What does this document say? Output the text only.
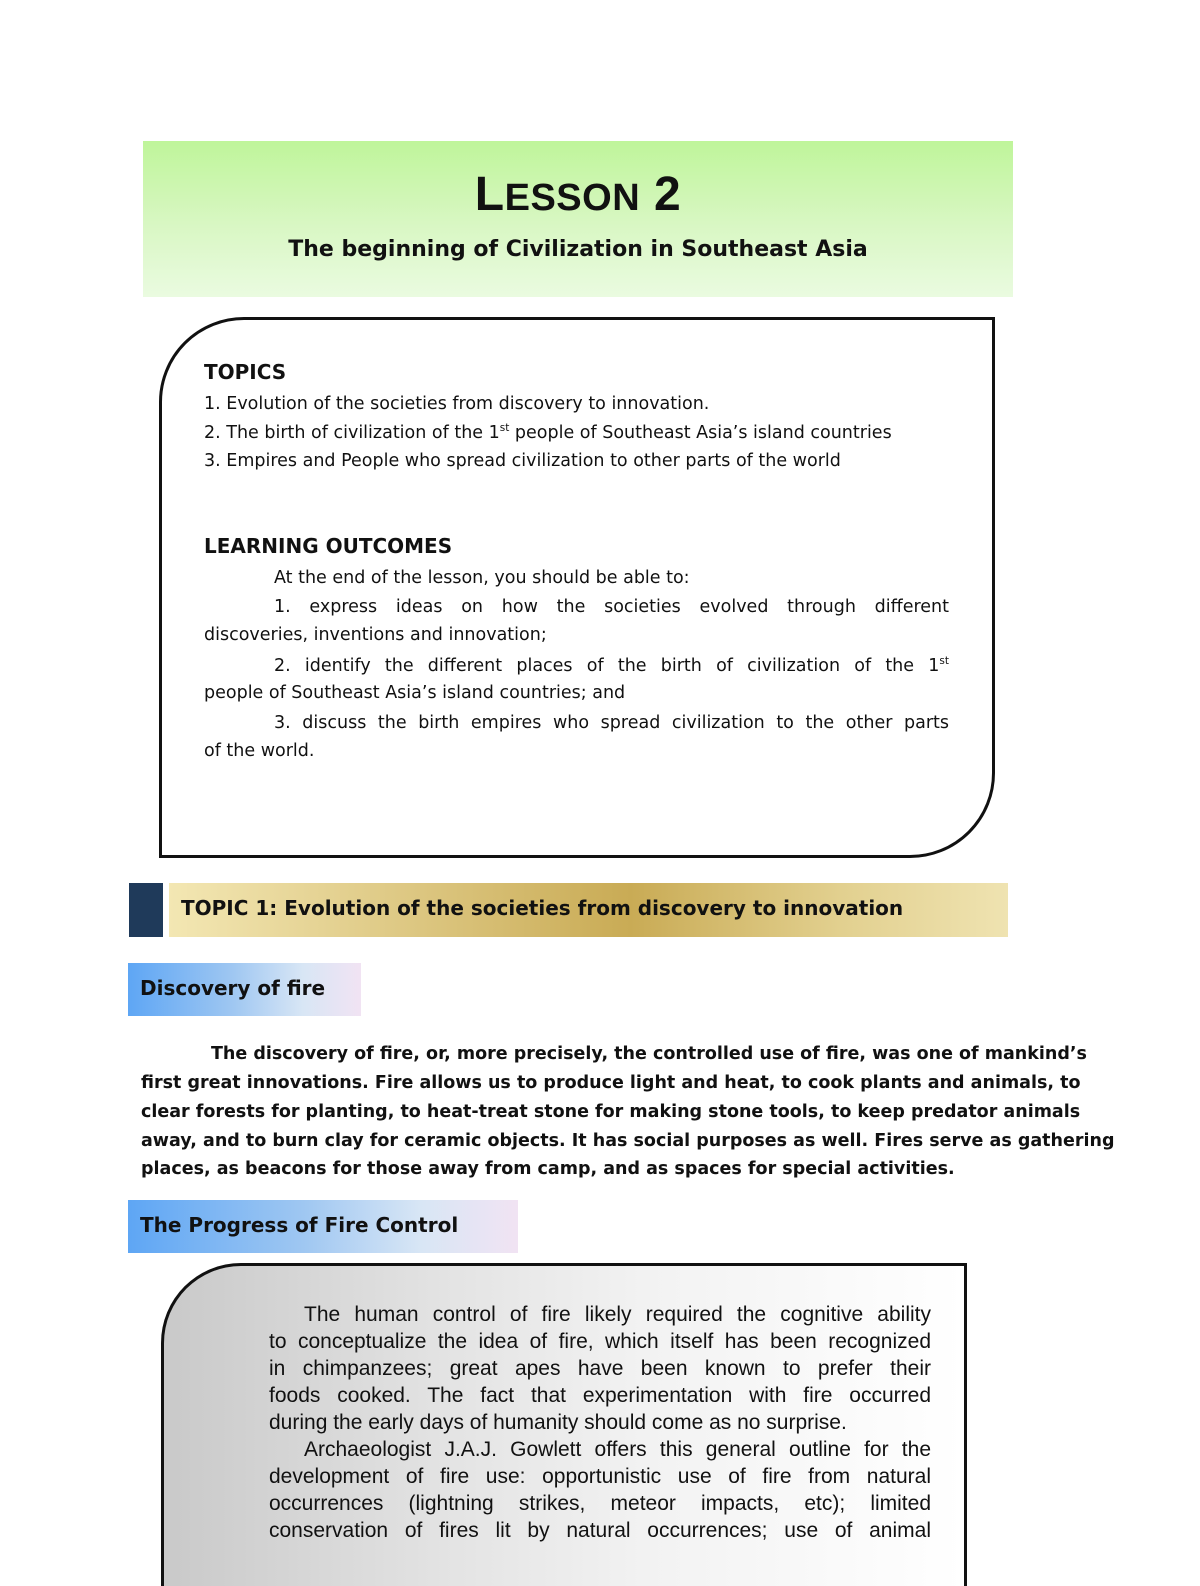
LESSON 2
The beginning of Civilization in Southeast Asia
TOPICS
1. Evolution of the societies from discovery to innovation.
2. The birth of civilization of the 1st people of Southeast Asia’s island countries
3. Empires and People who spread civilization to other parts of the world
LEARNING OUTCOMES
At the end of the lesson, you should be able to:
1. express ideas on how the societies evolved through different
discoveries, inventions and innovation;
2. identify the different places of the birth of civilization of the 1st
people of Southeast Asia’s island countries; and
3. discuss the birth empires who spread civilization to the other parts
of the world.
TOPIC 1: Evolution of the societies from discovery to innovation
Discovery of fire
The discovery of fire, or, more precisely, the controlled use of fire, was one of mankind’s
first great innovations. Fire allows us to produce light and heat, to cook plants and animals, to
clear forests for planting, to heat-treat stone for making stone tools, to keep predator animals
away, and to burn clay for ceramic objects. It has social purposes as well. Fires serve as gathering
places, as beacons for those away from camp, and as spaces for special activities.
The Progress of Fire Control
The human control of fire likely required the cognitive ability
to conceptualize the idea of fire, which itself has been recognized
in chimpanzees; great apes have been known to prefer their
foods cooked. The fact that experimentation with fire occurred
during the early days of humanity should come as no surprise.
Archaeologist J.A.J. Gowlett offers this general outline for the
development of fire use: opportunistic use of fire from natural
occurrences (lightning strikes, meteor impacts, etc); limited
conservation of fires lit by natural occurrences; use of animal
